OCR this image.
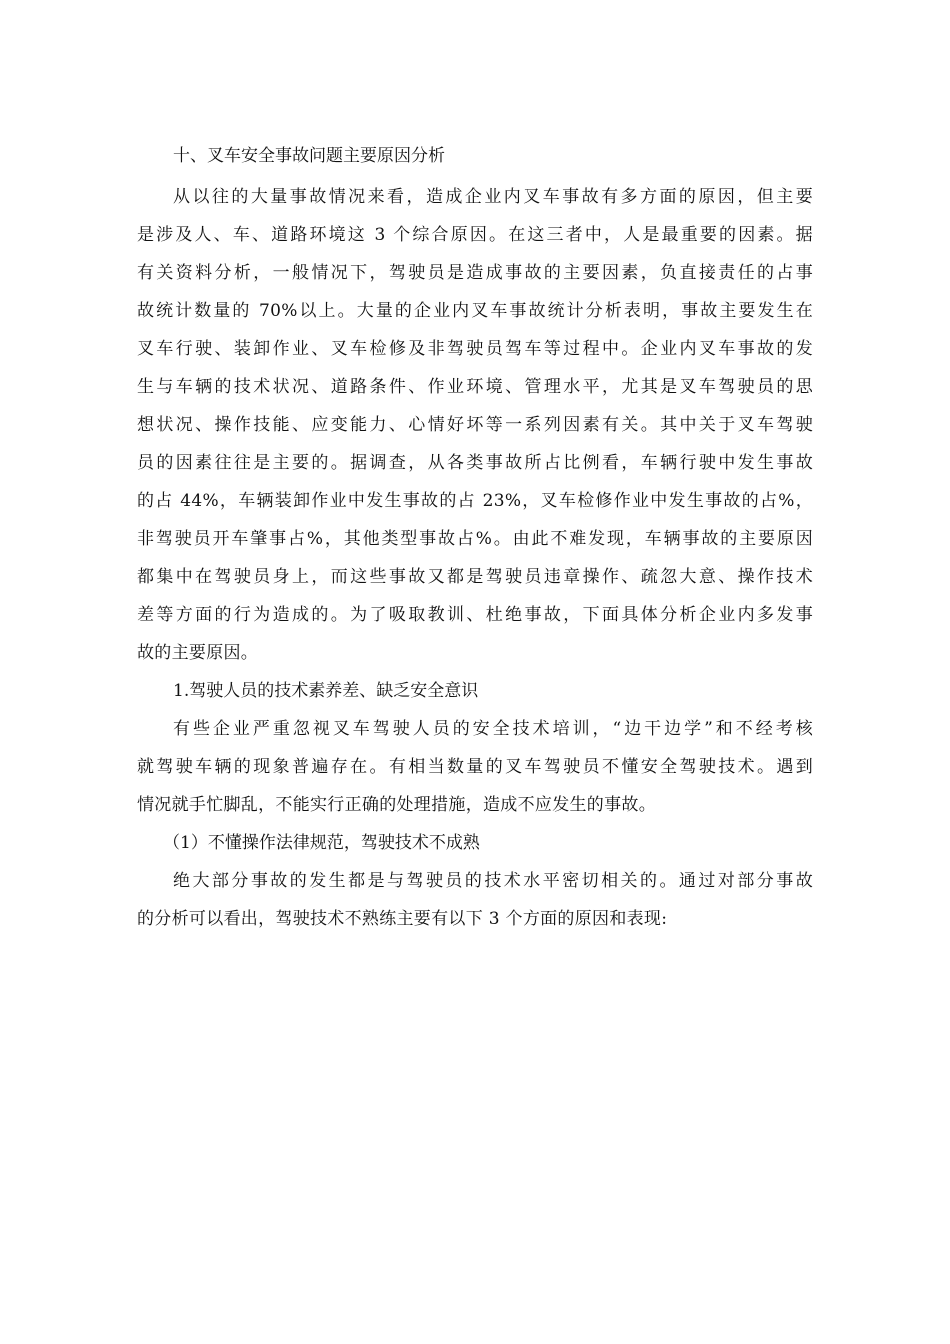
十、叉车安全事故问题主要原因分析
从以往的大量事故情况来看，造成企业内叉车事故有多方面的原因，但主要
是涉及人、车、道路环境这 3 个综合原因。在这三者中，人是最重要的因素。据
有关资料分析，一般情况下，驾驶员是造成事故的主要因素，负直接责任的占事
故统计数量的 70%以上。大量的企业内叉车事故统计分析表明，事故主要发生在
叉车行驶、装卸作业、叉车检修及非驾驶员驾车等过程中。企业内叉车事故的发
生与车辆的技术状况、道路条件、作业环境、管理水平，尤其是叉车驾驶员的思
想状况、操作技能、应变能力、心情好坏等一系列因素有关。其中关于叉车驾驶
员的因素往往是主要的。据调查，从各类事故所占比例看，车辆行驶中发生事故
的占 44%，车辆装卸作业中发生事故的占 23%，叉车检修作业中发生事故的占%，
非驾驶员开车肇事占%，其他类型事故占%。由此不难发现，车辆事故的主要原因
都集中在驾驶员身上，而这些事故又都是驾驶员违章操作、疏忽大意、操作技术
差等方面的行为造成的。为了吸取教训、杜绝事故，下面具体分析企业内多发事
故的主要原因。
1.驾驶人员的技术素养差、缺乏安全意识
有些企业严重忽视叉车驾驶人员的安全技术培训，“边干边学”和不经考核
就驾驶车辆的现象普遍存在。有相当数量的叉车驾驶员不懂安全驾驶技术。遇到
情况就手忙脚乱，不能实行正确的处理措施，造成不应发生的事故。
（1）不懂操作法律规范，驾驶技术不成熟
绝大部分事故的发生都是与驾驶员的技术水平密切相关的。通过对部分事故
的分析可以看出，驾驶技术不熟练主要有以下 3 个方面的原因和表现:
